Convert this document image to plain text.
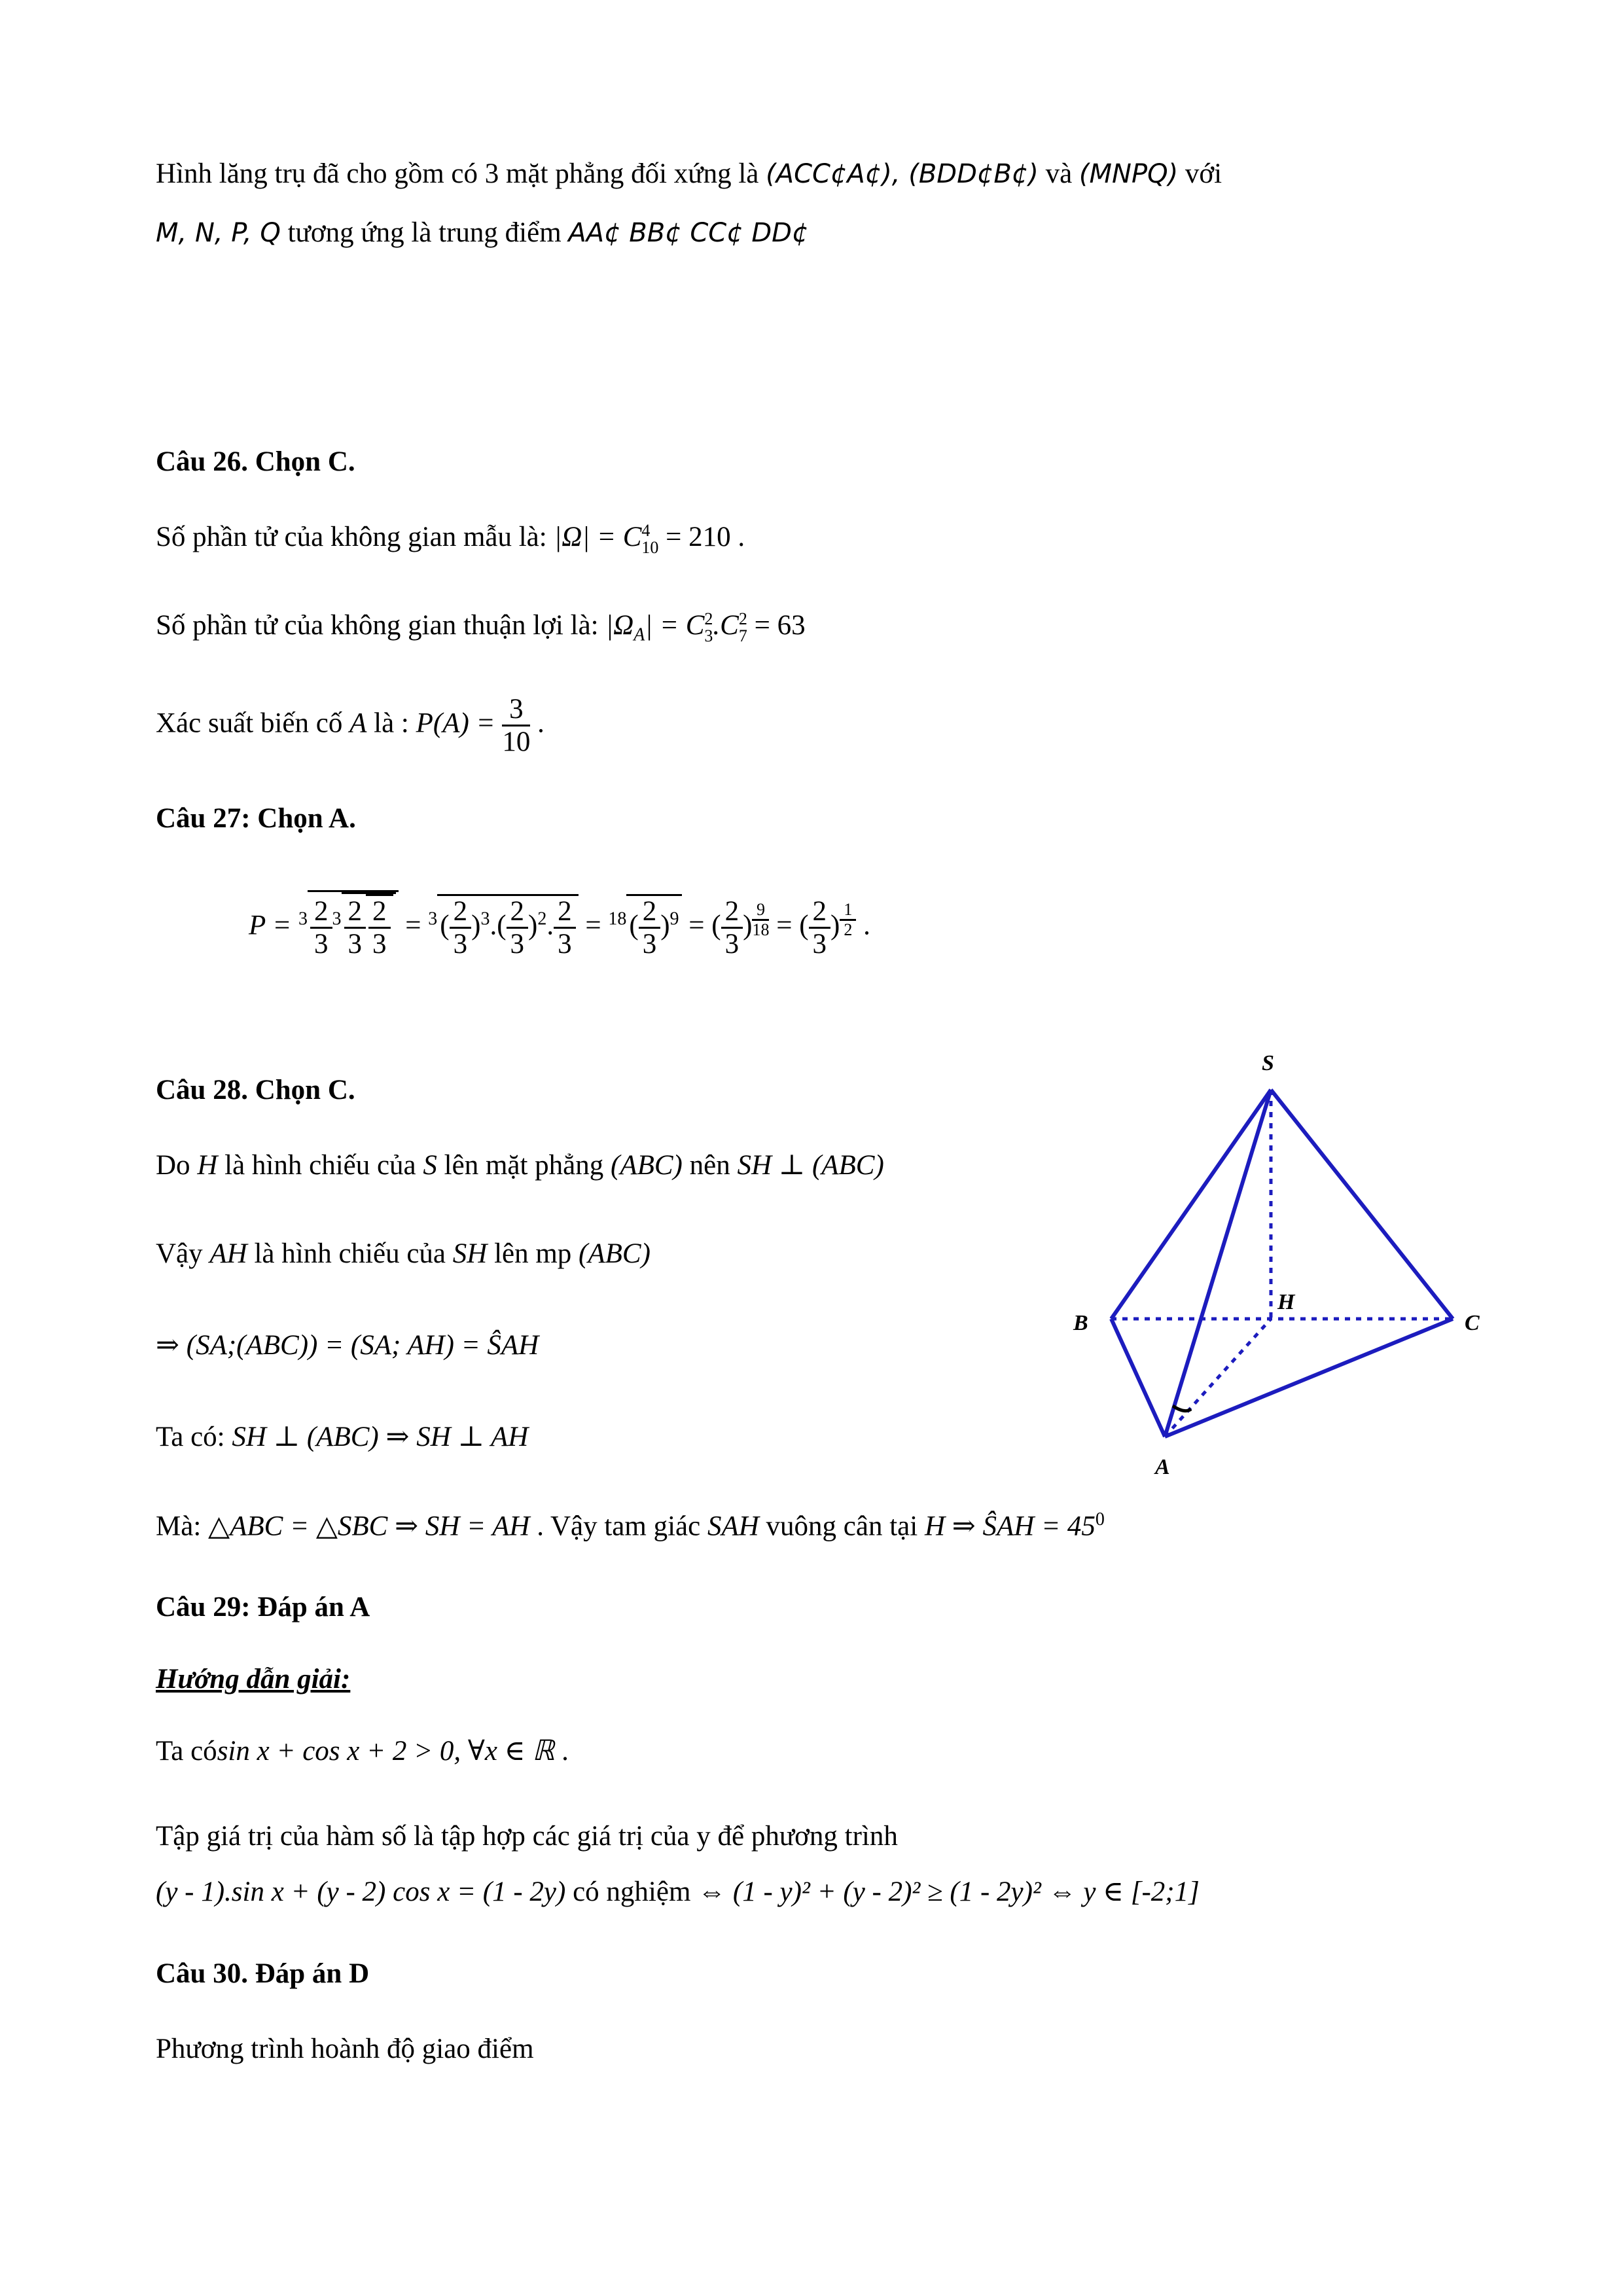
Hình lăng trụ đã cho gồm có 3 mặt phẳng đối xứng là (ACC¢A¢), (BDD¢B¢) và (MNPQ) với
M, N, P, Q tương ứng là trung điểm AA¢ BB¢ CC¢ DD¢
Câu 26. Chọn C.
Số phần tử của không gian mẫu là: |Ω| = C 4
10 = 210 .
Số phần tử của không gian thuận lợi là: $|\Omega_A| = C$ 2
3 .C 2
7 = 63
Xác suất biến cố A là : $P(A) = \frac{3}{10}$ .
Câu 27: Chọn A.
$P = ^3 \frac{2}{3} ^3 \frac{2}{3} \frac{2}{3} = ^3( \frac{2}{3} )^3.( \frac{2}{3} )^2$. $\frac{2}{3} = ^{18}( \frac{2}{3} )^9$ = ( $\frac{2}{3}$ ) $^{\frac{9}{18}}$ = ( $\frac{2}{3}$ ) $^{\frac{1}{2}}$ .
Câu 28. Chọn C.
Do H là hình chiếu của S lên mặt phẳng (ABC) nên SH ⊥ (ABC)
Vậy AH là hình chiếu của SH lên mp (ABC)
⇒ (SA;(ABC)) = (SA; AH) = ŜAH
Ta có: SH ⊥ (ABC) ⇒ SH ⊥ AH
Mà: △ABC = △SBC ⇒ SH = AH . Vậy tam giác SAH vuông cân tại H ⇒ ŜAH = $45^0$
S
B	C
A
H
Câu 29: Đáp án A
Hướng dẫn giải:
Ta cósin x + cos x + 2 > 0, ∀x ∈ ℝ .
Tập giá trị của hàm số là tập hợp các giá trị của y để phương trình
(y - 1).sin x + (y - 2) cos x = (1 - 2y) có nghiệm ⇔ (1 - y)² + (y - 2)² ≥ (1 - 2y)² ⇔ y ∈ [-2;1]
Câu 30. Đáp án D
Phương trình hoành độ giao điểm
